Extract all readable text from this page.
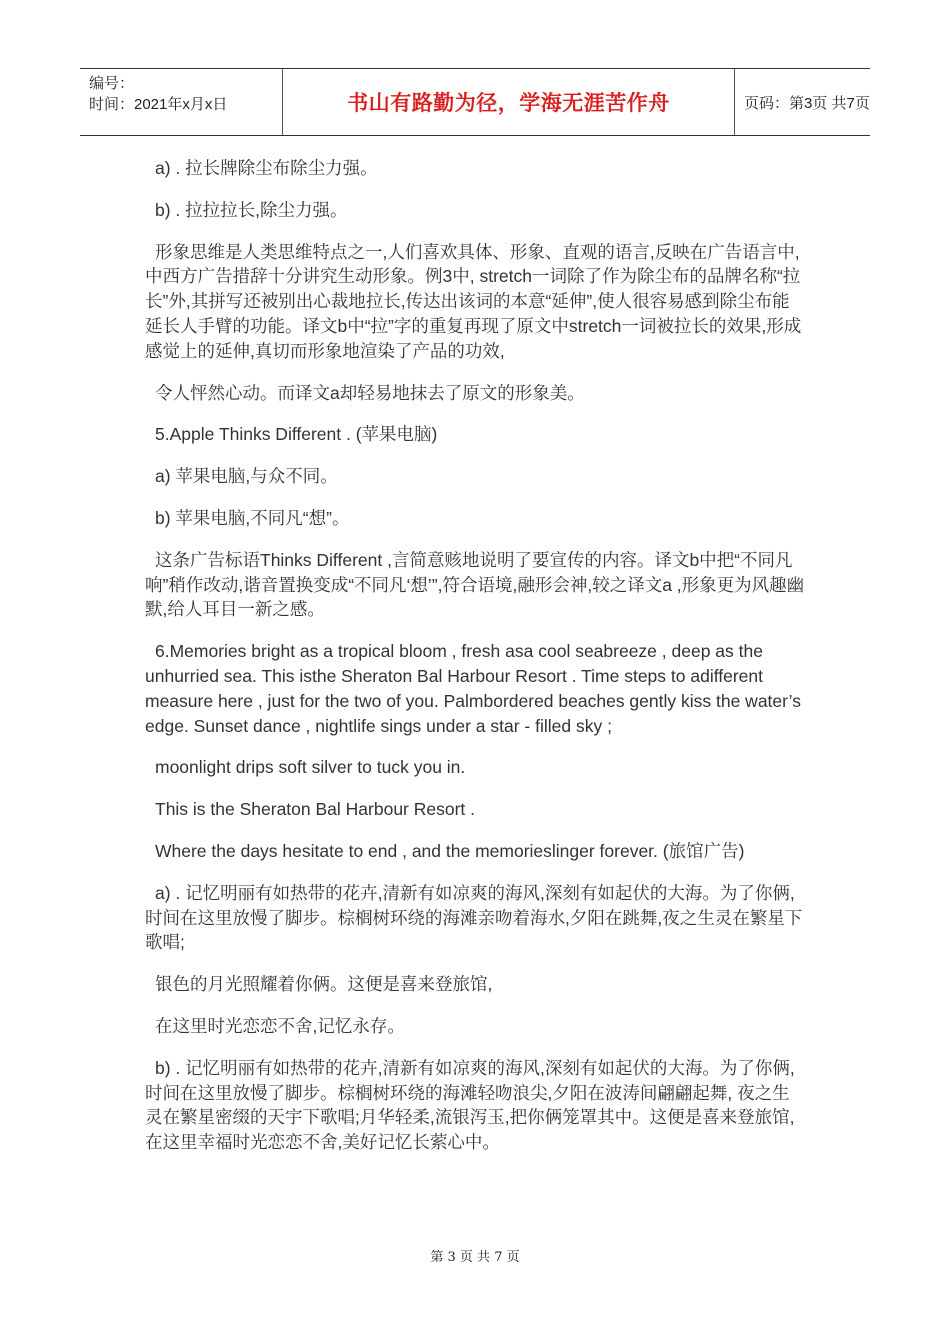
编号：
时间：2021年x月x日	书山有路勤为径，学海无涯苦作舟	页码：第3页 共7页

a) . 拉长牌除尘布除尘力强。

b) . 拉拉拉长,除尘力强。

形象思维是人类思维特点之一,人们喜欢具体、形象、直观的语言,反映在广告语言中,中西方广告措辞十分讲究生动形象。例3中, stretch一词除了作为除尘布的品牌名称“拉长”外,其拼写还被别出心裁地拉长,传达出该词的本意“延伸”,使人很容易感到除尘布能延长人手臂的功能。译文b中“拉”字的重复再现了原文中stretch一词被拉长的效果,形成感觉上的延伸,真切而形象地渲染了产品的功效,

令人怦然心动。而译文a却轻易地抹去了原文的形象美。

5.Apple Thinks Different . (苹果电脑)

a) 苹果电脑,与众不同。

b) 苹果电脑,不同凡“想”。

这条广告标语Thinks Different ,言简意赅地说明了要宣传的内容。译文b中把“不同凡响”稍作改动,谐音置换变成“不同凡‘想’”,符合语境,融形会神,较之译文a ,形象更为风趣幽默,给人耳目一新之感。

6.Memories bright as a tropical bloom , fresh asa cool seabreeze , deep as the unhurried sea. This isthe Sheraton Bal Harbour Resort . Time steps to adifferent measure here , just for the two of you. Palmbordered beaches gently kiss the water’s edge. Sunset dance , nightlife sings under a star - filled sky ;

moonlight drips soft silver to tuck you in.

This is the Sheraton Bal Harbour Resort .

Where the days hesitate to end , and the memorieslinger forever. (旅馆广告)

a) . 记忆明丽有如热带的花卉,清新有如凉爽的海风,深刻有如起伏的大海。为了你俩,时间在这里放慢了脚步。棕榈树环绕的海滩亲吻着海水,夕阳在跳舞,夜之生灵在繁星下歌唱;

银色的月光照耀着你俩。这便是喜来登旅馆,

在这里时光恋恋不舍,记忆永存。

b) . 记忆明丽有如热带的花卉,清新有如凉爽的海风,深刻有如起伏的大海。为了你俩,时间在这里放慢了脚步。棕榈树环绕的海滩轻吻浪尖,夕阳在波涛间翩翩起舞, 夜之生灵在繁星密缀的天宇下歌唱;月华轻柔,流银泻玉,把你俩笼罩其中。这便是喜来登旅馆,在这里幸福时光恋恋不舍,美好记忆长萦心中。

第 3 页 共 7 页
